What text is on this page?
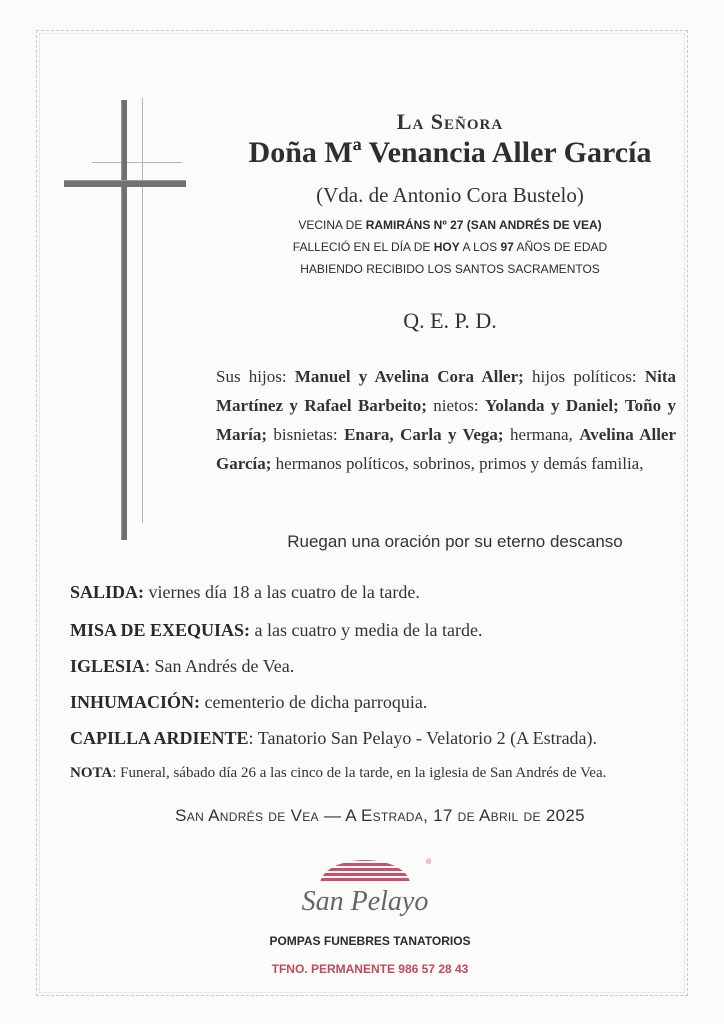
La Señora
Doña Mª Venancia Aller García
(Vda. de Antonio Cora Bustelo)
VECINA DE RAMIRÁNS Nº 27 (SAN ANDRÉS DE VEA)
FALLECIÓ EN EL DÍA DE HOY A LOS 97 AÑOS DE EDAD
HABIENDO RECIBIDO LOS SANTOS SACRAMENTOS
Q. E. P. D.
Sus hijos: Manuel y Avelina Cora Aller; hijos políticos: Nita Martínez y Rafael Barbeito; nietos: Yolanda y Daniel; Toño y María; bisnietas: Enara, Carla y Vega; hermana, Avelina Aller García; hermanos políticos, sobrinos, primos y demás familia,
Ruegan una oración por su eterno descanso
SALIDA: viernes día 18 a las cuatro de la tarde.
MISA DE EXEQUIAS: a las cuatro y media de la tarde.
IGLESIA: San Andrés de Vea.
INHUMACIÓN: cementerio de dicha parroquia.
CAPILLA ARDIENTE: Tanatorio San Pelayo - Velatorio 2 (A Estrada).
NOTA: Funeral, sábado día 26 a las cinco de la tarde, en la iglesia de San Andrés de Vea.
San Andrés de Vea — A Estrada, 17 de Abril de 2025
®
San Pelayo
POMPAS FUNEBRES TANATORIOS
TFNO. PERMANENTE 986 57 28 43
